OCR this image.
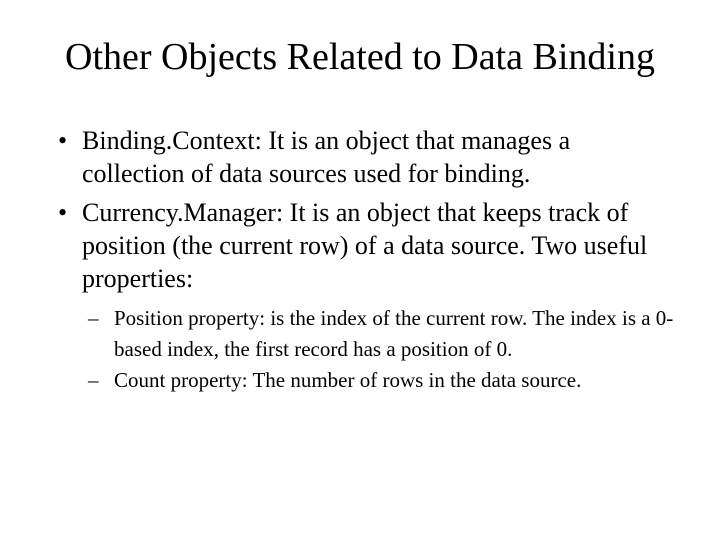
Other Objects Related to Data Binding
• Binding.Context: It is an object that manages a collection of data sources used for binding.
• Currency.Manager: It is an object that keeps track of position (the current row) of a data source. Two useful properties:
– Position property: is the index of the current row. The index is a 0-based index, the first record has a position of 0.
– Count property: The number of rows in the data source.
